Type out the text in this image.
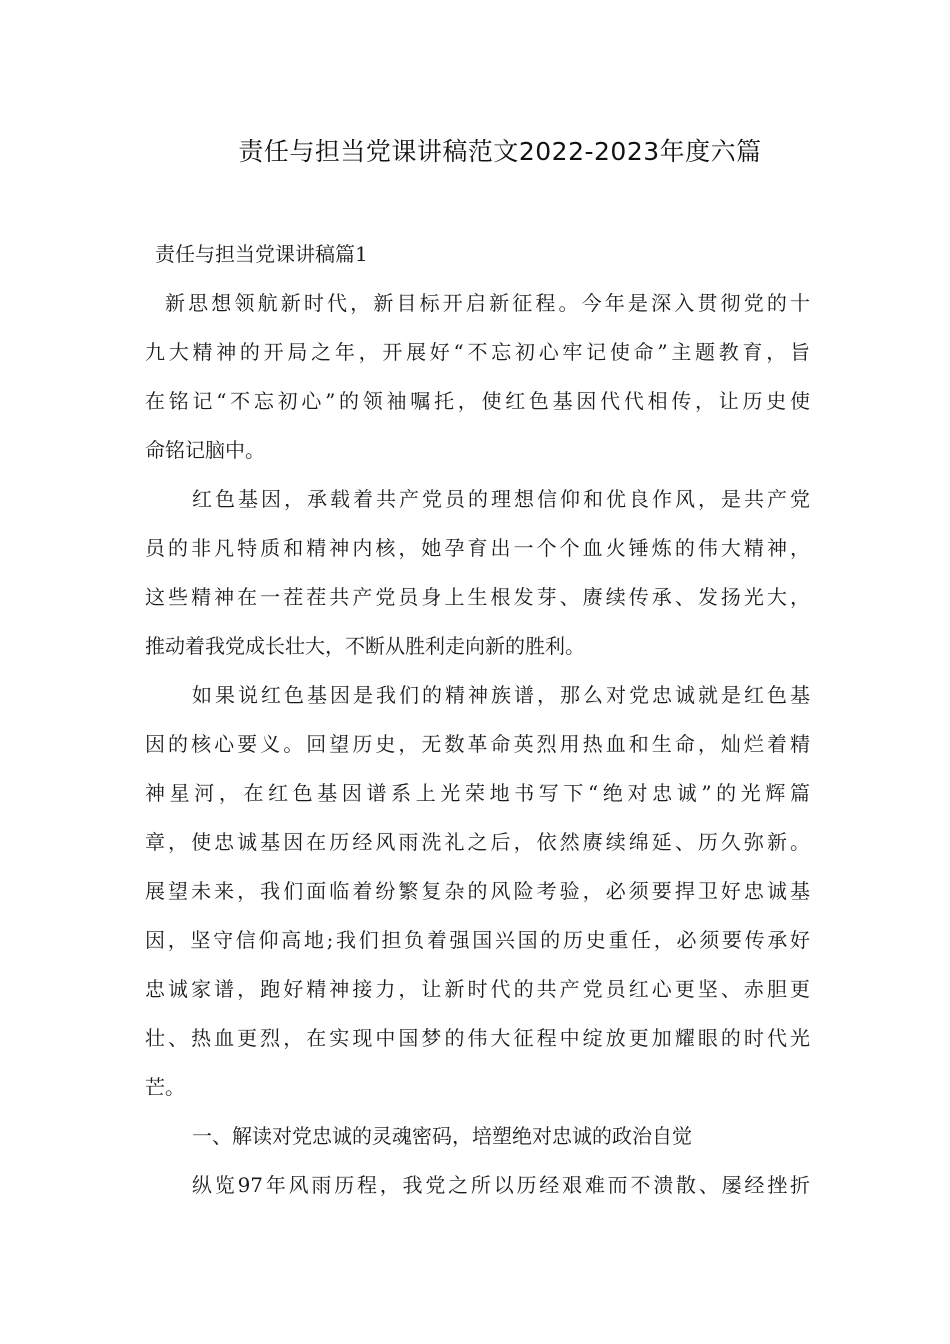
责任与担当党课讲稿范文2022-2023年度六篇
责任与担当党课讲稿篇1
新思想领航新时代，新目标开启新征程。今年是深入贯彻党的十
九大精神的开局之年，开展好“不忘初心牢记使命”主题教育，旨
在铭记“不忘初心”的领袖嘱托，使红色基因代代相传，让历史使
命铭记脑中。
红色基因，承载着共产党员的理想信仰和优良作风，是共产党
员的非凡特质和精神内核，她孕育出一个个血火锤炼的伟大精神，
这些精神在一茬茬共产党员身上生根发芽、赓续传承、发扬光大，
推动着我党成长壮大，不断从胜利走向新的胜利。
如果说红色基因是我们的精神族谱，那么对党忠诚就是红色基
因的核心要义。回望历史，无数革命英烈用热血和生命，灿烂着精
神星河，在红色基因谱系上光荣地书写下“绝对忠诚”的光辉篇
章，使忠诚基因在历经风雨洗礼之后，依然赓续绵延、历久弥新。
展望未来，我们面临着纷繁复杂的风险考验，必须要捍卫好忠诚基
因，坚守信仰高地;我们担负着强国兴国的历史重任，必须要传承好
忠诚家谱，跑好精神接力，让新时代的共产党员红心更坚、赤胆更
壮、热血更烈，在实现中国梦的伟大征程中绽放更加耀眼的时代光
芒。
一、解读对党忠诚的灵魂密码，培塑绝对忠诚的政治自觉
纵览97年风雨历程，我党之所以历经艰难而不溃散、屡经挫折
